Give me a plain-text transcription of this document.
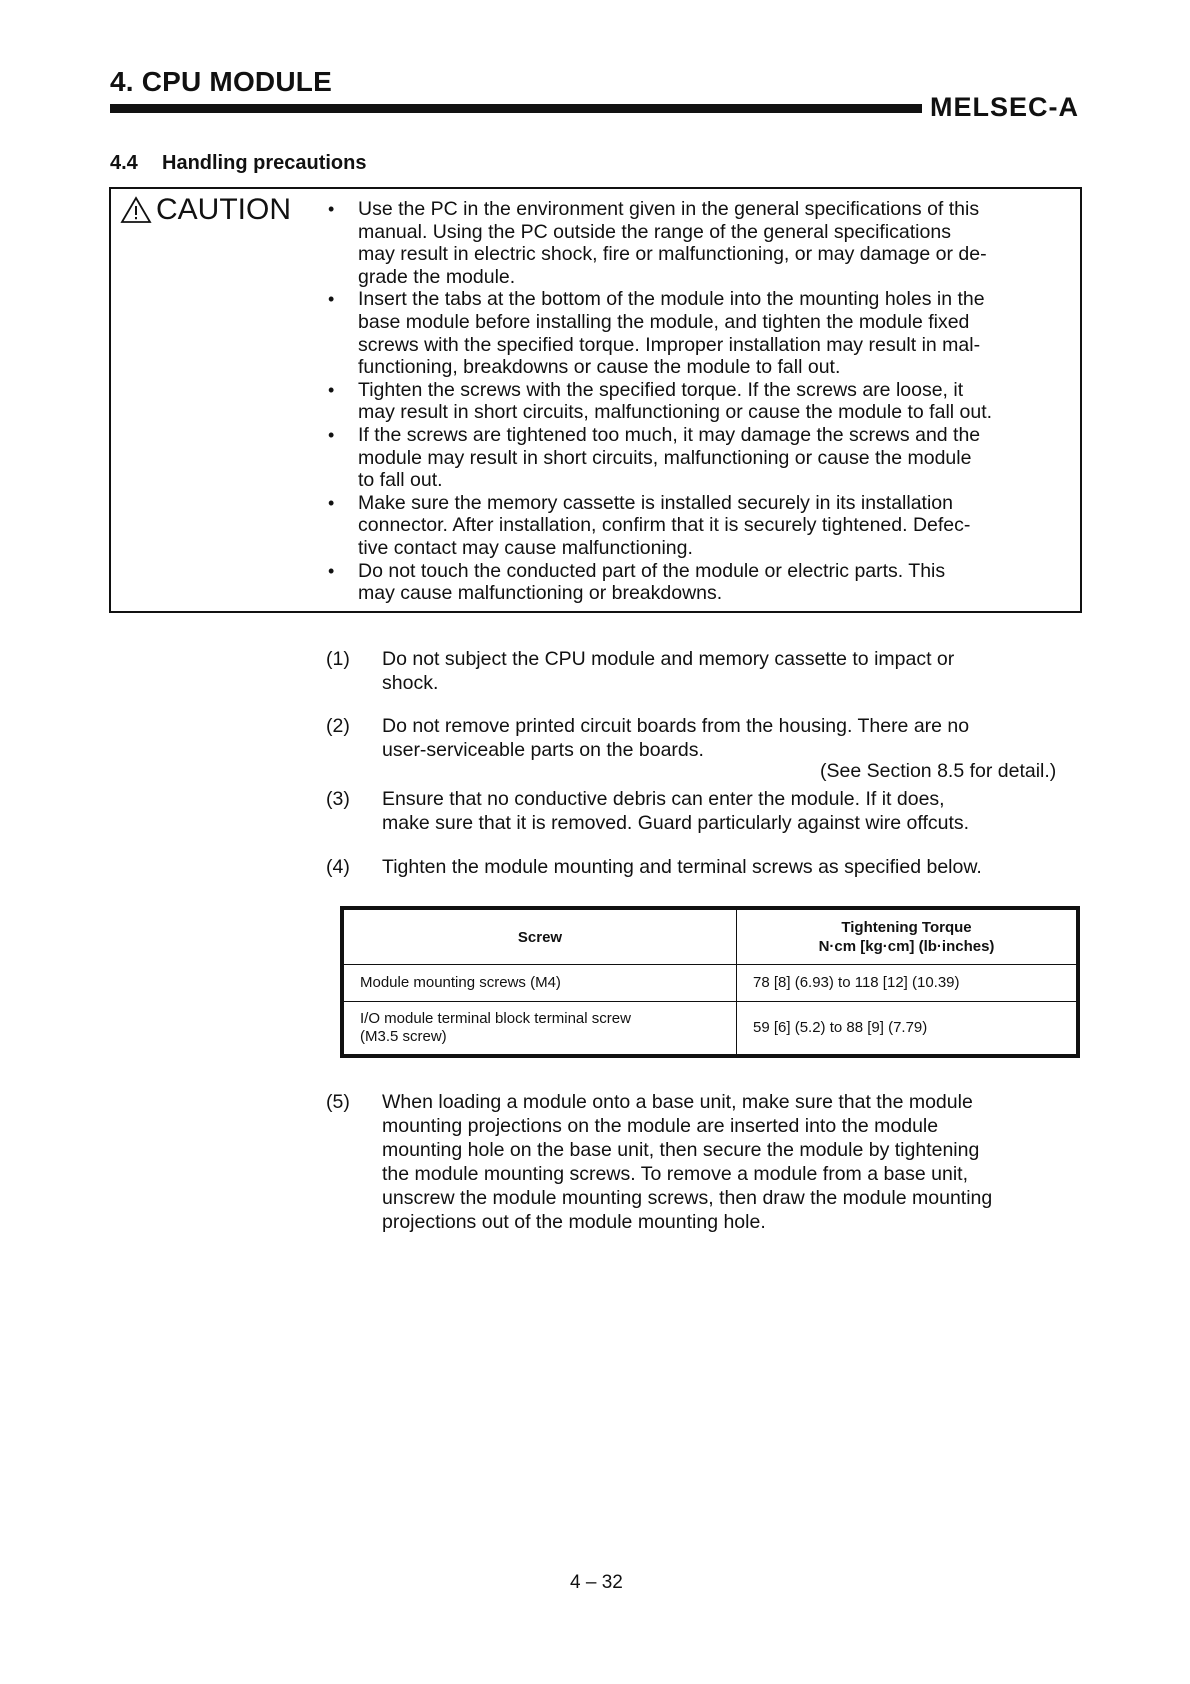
4. CPU MODULE
MELSEC-A
4.4 Handling precautions
CAUTION	• Use the PC in the environment given in the general specifications of this
manual. Using the PC outside the range of the general specifications
may result in electric shock, fire or malfunctioning, or may damage or de-
grade the module.
• Insert the tabs at the bottom of the module into the mounting holes in the
base module before installing the module, and tighten the module fixed
screws with the specified torque. Improper installation may result in mal-
functioning, breakdowns or cause the module to fall out.
• Tighten the screws with the specified torque. If the screws are loose, it
may result in short circuits, malfunctioning or cause the module to fall out.
• If the screws are tightened too much, it may damage the screws and the
module may result in short circuits, malfunctioning or cause the module
to fall out.
• Make sure the memory cassette is installed securely in its installation
connector. After installation, confirm that it is securely tightened. Defec-
tive contact may cause malfunctioning.
• Do not touch the conducted part of the module or electric parts. This
may cause malfunctioning or breakdowns.
(1) Do not subject the CPU module and memory cassette to impact or
shock.
(2) Do not remove printed circuit boards from the housing. There are no
user-serviceable parts on the boards.
(See Section 8.5 for detail.)
(3) Ensure that no conductive debris can enter the module. If it does,
make sure that it is removed. Guard particularly against wire offcuts.
(4) Tighten the module mounting and terminal screws as specified below.
Screw	Tightening Torque
N·cm [kg·cm] (lb·inches)

Module mounting screws (M4)	78 [8] (6.93) to 118 [12] (10.39)

I/O module terminal block terminal screw
(M3.5 screw)	59 [6] (5.2) to 88 [9] (7.79)
(5) When loading a module onto a base unit, make sure that the module
mounting projections on the module are inserted into the module
mounting hole on the base unit, then secure the module by tightening
the module mounting screws. To remove a module from a base unit,
unscrew the module mounting screws, then draw the module mounting
projections out of the module mounting hole.
4 – 32
